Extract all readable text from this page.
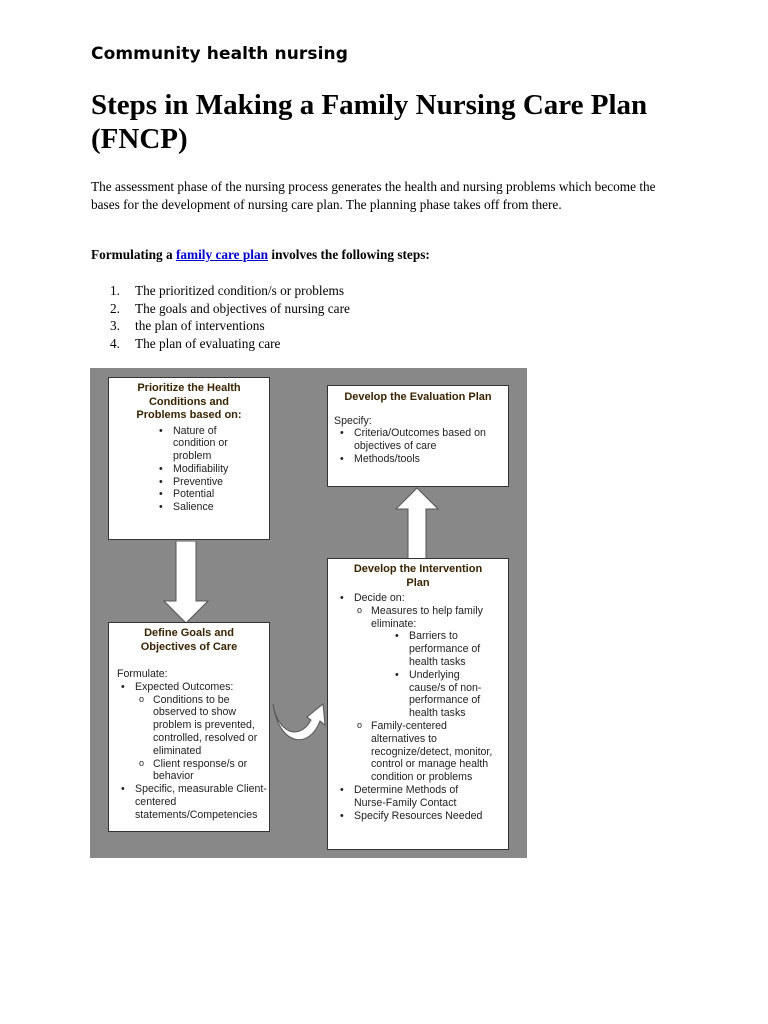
Community health nursing
Steps in Making a Family Nursing Care Plan (FNCP)

The assessment phase of the nursing process generates the health and nursing problems which become the bases for the development of nursing care plan. The planning phase takes off from there.

Formulating a family care plan involves the following steps:

1.	The prioritized condition/s or problems
2.	The goals and objectives of nursing care
3.	the plan of interventions
4.	The plan of evaluating care
Prioritize the Health Conditions and Problems based on:
• Nature of condition or problem
• Modifiability
• Preventive
• Potential
• Salience
Develop the Evaluation Plan
Specify:
• Criteria/Outcomes based on objectives of care
• Methods/tools
Define Goals and Objectives of Care
Formulate:
• Expected Outcomes:
o Conditions to be observed to show problem is prevented, controlled, resolved or eliminated
o Client response/s or behavior
• Specific, measurable Client-centered statements/Competencies
Develop the Intervention Plan
• Decide on:
o Measures to help family eliminate:
• Barriers to performance of health tasks
• Underlying cause/s of non-performance of health tasks
o Family-centered alternatives to recognize/detect, monitor, control or manage health condition or problems
• Determine Methods of Nurse-Family Contact
• Specify Resources Needed
